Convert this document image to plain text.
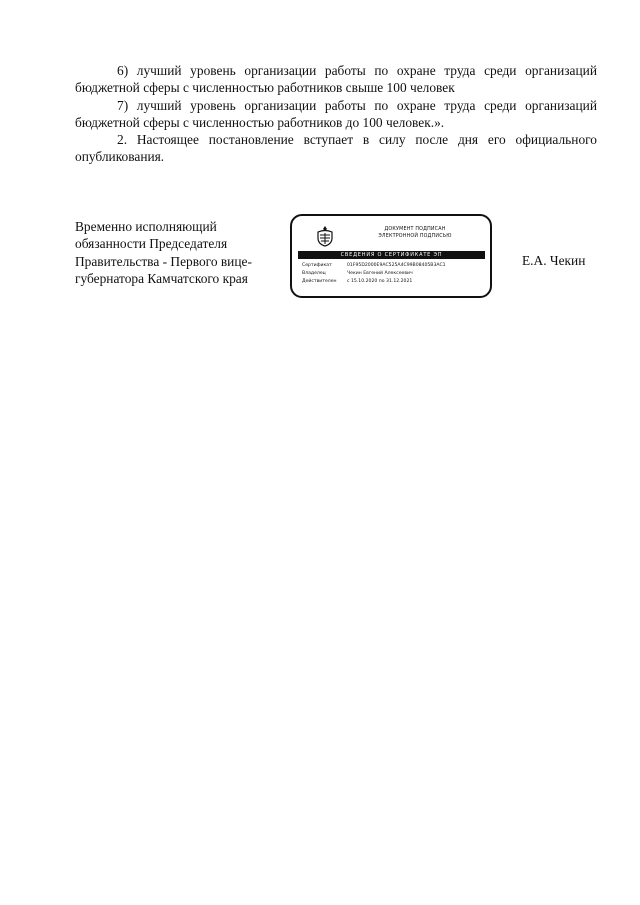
6) лучший уровень организации работы по охране труда среди организаций бюджетной сферы с численностью работников свыше 100 человек

7) лучший уровень организации работы по охране труда среди организаций бюджетной сферы с численностью работников до 100 человек.».

2. Настоящее постановление вступает в силу после дня его официального опубликования.

Временно исполняющий
обязанности Председателя
Правительства - Первого вице-
губернатора Камчатского края
ДОКУМЕНТ ПОДПИСАН
ЭЛЕКТРОННОЙ ПОДПИСЬЮ
СВЕДЕНИЯ О СЕРТИФИКАТЕ ЭП
Сертификат	01F95D2000E9AC525A4C99B08405B3AC1
Владелец	Чекин Евгений Алексеевич
Действителен	с 15.10.2020 по 31.12.2021
Е.А. Чекин
